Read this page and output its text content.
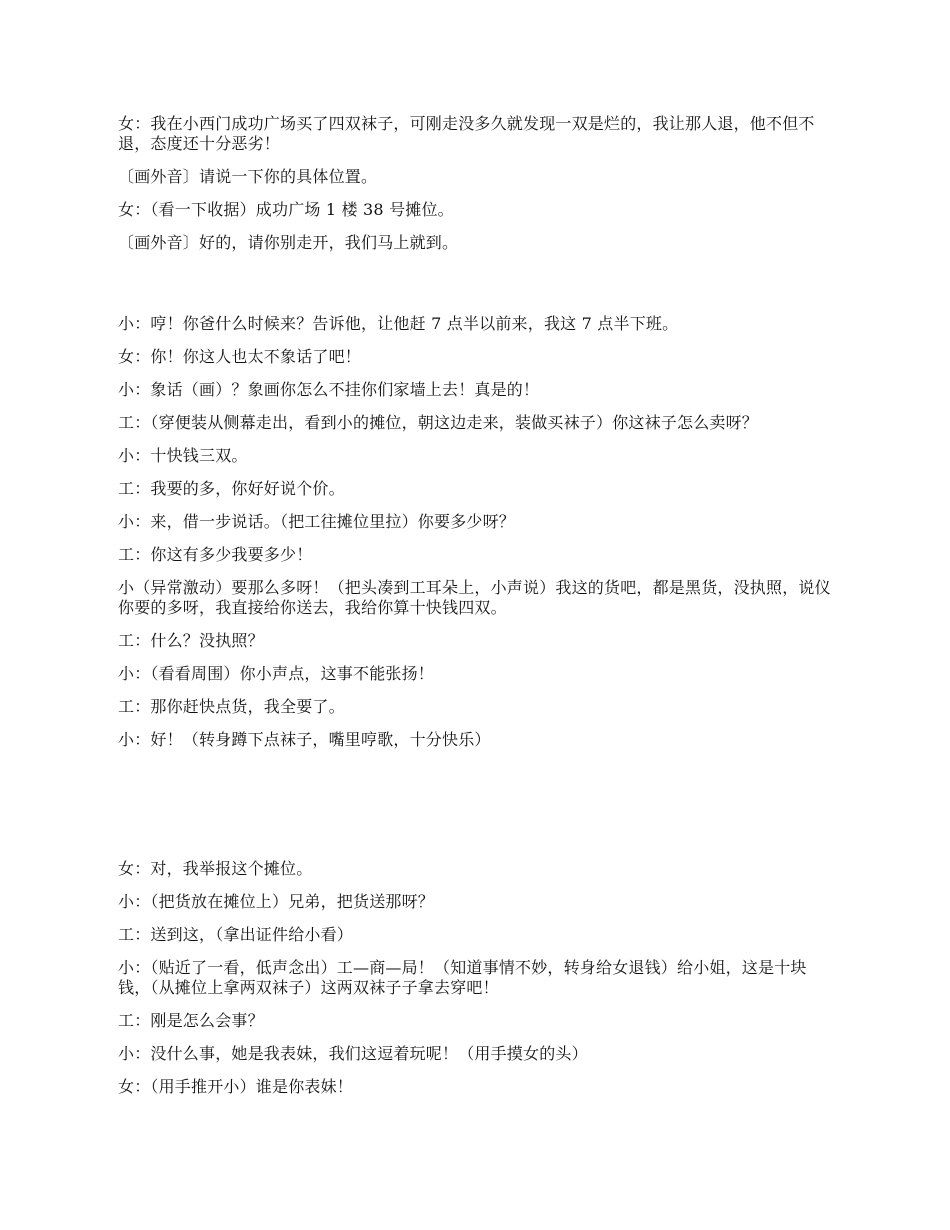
女：我在小西门成功广场买了四双袜子，可刚走没多久就发现一双是烂的，我让那人退，他不但不退，态度还十分恶劣！

〔画外音〕请说一下你的具体位置。

女：（看一下收据）成功广场 1 楼 38 号摊位。

〔画外音〕好的，请你别走开，我们马上就到。

小：哼！你爸什么时候来？告诉他，让他赶 7 点半以前来，我这 7 点半下班。

女：你！你这人也太不象话了吧！

小：象话（画）？象画你怎么不挂你们家墙上去！真是的！

工：（穿便装从侧幕走出，看到小的摊位，朝这边走来，装做买袜子）你这袜子怎么卖呀？

小：十快钱三双。

工：我要的多，你好好说个价。

小：来，借一步说话。（把工往摊位里拉）你要多少呀？

工：你这有多少我要多少！

小（异常激动）要那么多呀！（把头凑到工耳朵上，小声说）我这的货吧，都是黑货，没执照，说仪你要的多呀，我直接给你送去，我给你算十快钱四双。

工：什么？没执照？

小：（看看周围）你小声点，这事不能张扬！

工：那你赶快点货，我全要了。

小：好！（转身蹲下点袜子，嘴里哼歌，十分快乐）

女：对，我举报这个摊位。

小：（把货放在摊位上）兄弟，把货送那呀？

工：送到这，（拿出证件给小看）

小：（贴近了一看，低声念出）工—商—局！（知道事情不妙，转身给女退钱）给小姐，这是十块钱，（从摊位上拿两双袜子）这两双袜子子拿去穿吧！

工：刚是怎么会事？

小：没什么事，她是我表妹，我们这逗着玩呢！（用手摸女的头）

女：（用手推开小）谁是你表妹！
